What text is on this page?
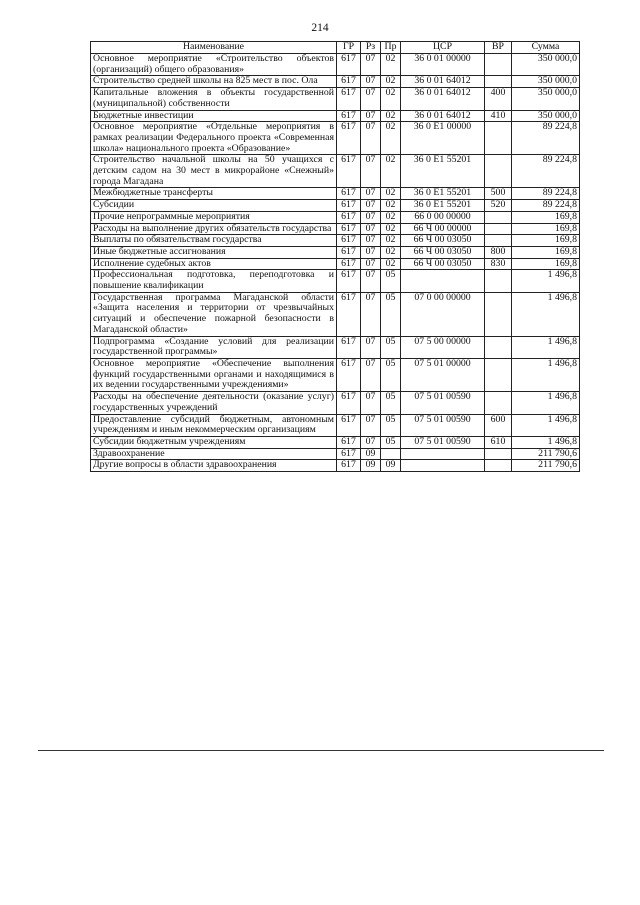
214
Наименование	ГР	Рз	Пр	ЦСР	ВР	Сумма
Основное мероприятие «Строительство объектов (организаций) общего образования»	617	07	02	36 0 01 00000		350 000,0
Строительство средней школы на 825 мест в пос. Ола	617	07	02	36 0 01 64012		350 000,0
Капитальные вложения в объекты государственной (муниципальной) собственности	617	07	02	36 0 01 64012	400	350 000,0
Бюджетные инвестиции	617	07	02	36 0 01 64012	410	350 000,0
Основное мероприятие «Отдельные мероприятия в рамках реализации Федерального проекта «Современная школа» национального проекта «Образование»	617	07	02	36 0 E1 00000		89 224,8
Строительство начальной школы на 50 учащихся с детским садом на 30 мест в микрорайоне «Снежный» города Магадана	617	07	02	36 0 E1 55201		89 224,8
Межбюджетные трансферты	617	07	02	36 0 E1 55201	500	89 224,8
Субсидии	617	07	02	36 0 E1 55201	520	89 224,8
Прочие непрограммные мероприятия	617	07	02	66 0 00 00000		169,8
Расходы на выполнение других обязательств государства	617	07	02	66 Ч 00 00000		169,8
Выплаты по обязательствам государства	617	07	02	66 Ч 00 03050		169,8
Иные бюджетные ассигнования	617	07	02	66 Ч 00 03050	800	169,8
Исполнение судебных актов	617	07	02	66 Ч 00 03050	830	169,8
Профессиональная подготовка, переподготовка и повышение квалификации	617	07	05			1 496,8
Государственная программа Магаданской области «Защита населения и территории от чрезвычайных ситуаций и обеспечение пожарной безопасности в Магаданской области»	617	07	05	07 0 00 00000		1 496,8
Подпрограмма «Создание условий для реализации государственной программы»	617	07	05	07 5 00 00000		1 496,8
Основное мероприятие «Обеспечение выполнения функций государственными органами и находящимися в их ведении государственными учреждениями»	617	07	05	07 5 01 00000		1 496,8
Расходы на обеспечение деятельности (оказание услуг) государственных учреждений	617	07	05	07 5 01 00590		1 496,8
Предоставление субсидий бюджетным, автономным учреждениям и иным некоммерческим организациям	617	07	05	07 5 01 00590	600	1 496,8
Субсидии бюджетным учреждениям	617	07	05	07 5 01 00590	610	1 496,8
Здравоохранение	617	09				211 790,6
Другие вопросы в области здравоохранения	617	09	09			211 790,6
